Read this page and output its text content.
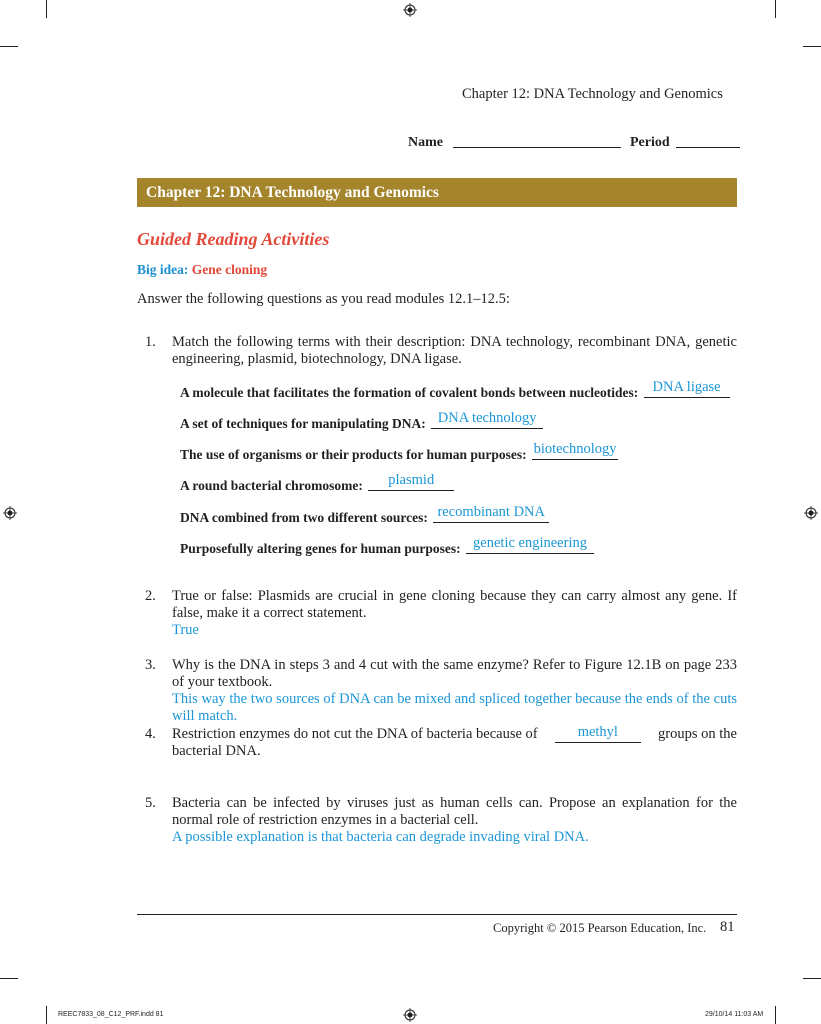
Chapter 12: DNA Technology and Genomics
Name	Period
Chapter 12: DNA Technology and Genomics
Guided Reading Activities
Big idea: Gene cloning
Answer the following questions as you read modules 12.1–12.5:
1. Match the following terms with their description: DNA technology, recombinant DNA, genetic engineering, plasmid, biotechnology, DNA ligase.
A molecule that facilitates the formation of covalent bonds between nucleotides: DNA ligase
A set of techniques for manipulating DNA: DNA technology
The use of organisms or their products for human purposes: biotechnology
A round bacterial chromosome:	plasmid
DNA combined from two different sources: recombinant DNA
Purposefully altering genes for human purposes: genetic engineering
2. True or false: Plasmids are crucial in gene cloning because they can carry almost any gene. If false, make it a correct statement.
True
3. Why is the DNA in steps 3 and 4 cut with the same enzyme? Refer to Figure 12.1B on page 233 of your textbook.
This way the two sources of DNA can be mixed and spliced together because the ends of the cuts will match.
4. Restriction enzymes do not cut the DNA of bacteria because of	methyl	groups on the
bacterial DNA.
5. Bacteria can be infected by viruses just as human cells can. Propose an explanation for the normal role of restriction enzymes in a bacterial cell.
A possible explanation is that bacteria can degrade invading viral DNA.
Copyright © 2015 Pearson Education, Inc. 81
REEC7833_08_C12_PRF.indd 81	29/10/14 11:03 AM
